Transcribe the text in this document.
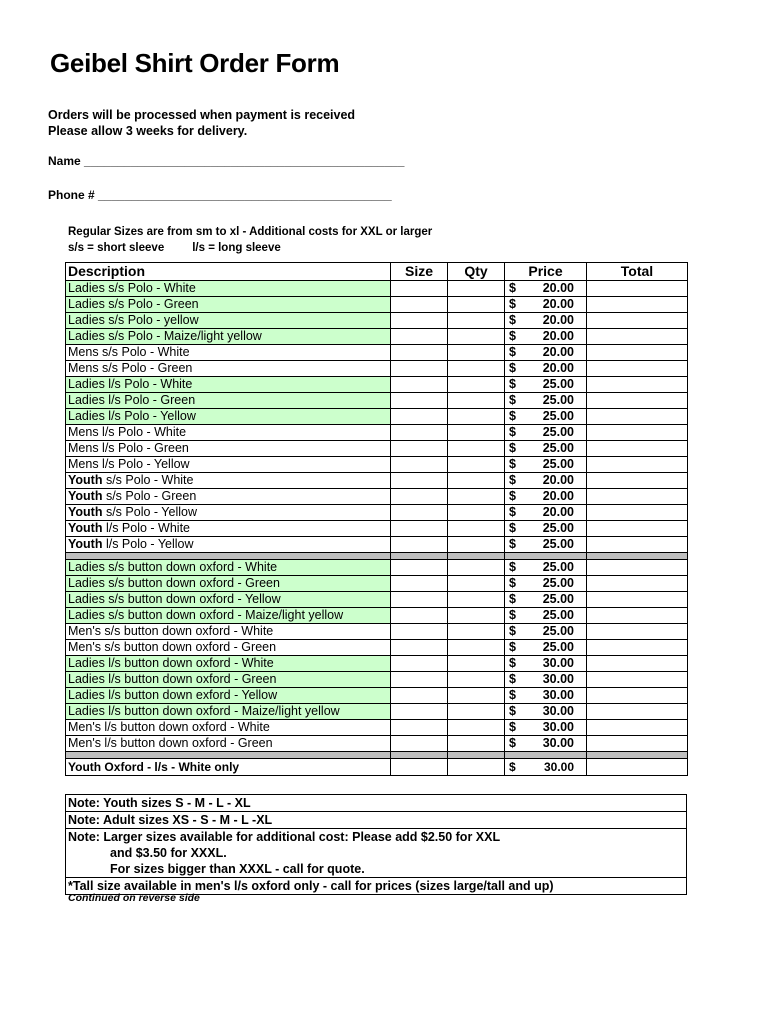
Geibel Shirt Order Form
Orders will be processed when payment is received
Please allow 3 weeks for delivery.
Name ________________________________________________
Phone # ____________________________________________
Regular Sizes are from sm to xl - Additional costs for XXL or larger
s/s = short sleeve l/s = long sleeve
Description	Size	Qty	Price	Total
Ladies s/s Polo - White			$ 20.00	

Ladies s/s Polo - Green			$ 20.00	

Ladies s/s Polo - yellow			$ 20.00	

Ladies s/s Polo - Maize/light yellow			$ 20.00	

Mens s/s Polo - White			$ 20.00	

Mens s/s Polo - Green			$ 20.00	

Ladies l/s Polo - White			$ 25.00	

Ladies l/s Polo - Green			$ 25.00	

Ladies l/s Polo - Yellow			$ 25.00	

Mens l/s Polo - White			$ 25.00	

Mens l/s Polo - Green			$ 25.00	

Mens l/s Polo - Yellow			$ 25.00	

Youth s/s Polo - White			$ 20.00	

Youth s/s Polo - Green			$ 20.00	

Youth s/s Polo - Yellow			$ 20.00	

Youth l/s Polo - White			$ 25.00	

Youth l/s Polo - Yellow			$ 25.00	

Ladies s/s button down oxford - White			$ 25.00	

Ladies s/s button down oxford - Green			$ 25.00	

Ladies s/s button down oxford - Yellow			$ 25.00	

Ladies s/s button down oxford - Maize/light yellow			$ 25.00	

Men's s/s button down oxford - White			$ 25.00	

Men's s/s button down oxford - Green			$ 25.00	

Ladies l/s button down oxford - White			$ 30.00	

Ladies l/s button down oxford - Green			$ 30.00	

Ladies l/s button down exford - Yellow			$ 30.00	

Ladies l/s button down oxford - Maize/light yellow			$ 30.00	

Men's l/s button down oxford - White			$ 30.00	

Men's l/s button down oxford - Green			$ 30.00	

Youth Oxford - l/s - White only			$ 30.00	

Note: Youth sizes S - M - L - XL
Note: Adult sizes XS - S - M - L -XL
Note: Larger sizes available for additional cost: Please add $2.50 for XXL
and $3.50 for XXXL.
For sizes bigger than XXXL - call for quote.
*Tall size available in men's l/s oxford only - call for prices (sizes large/tall and up)
Continued on reverse side
